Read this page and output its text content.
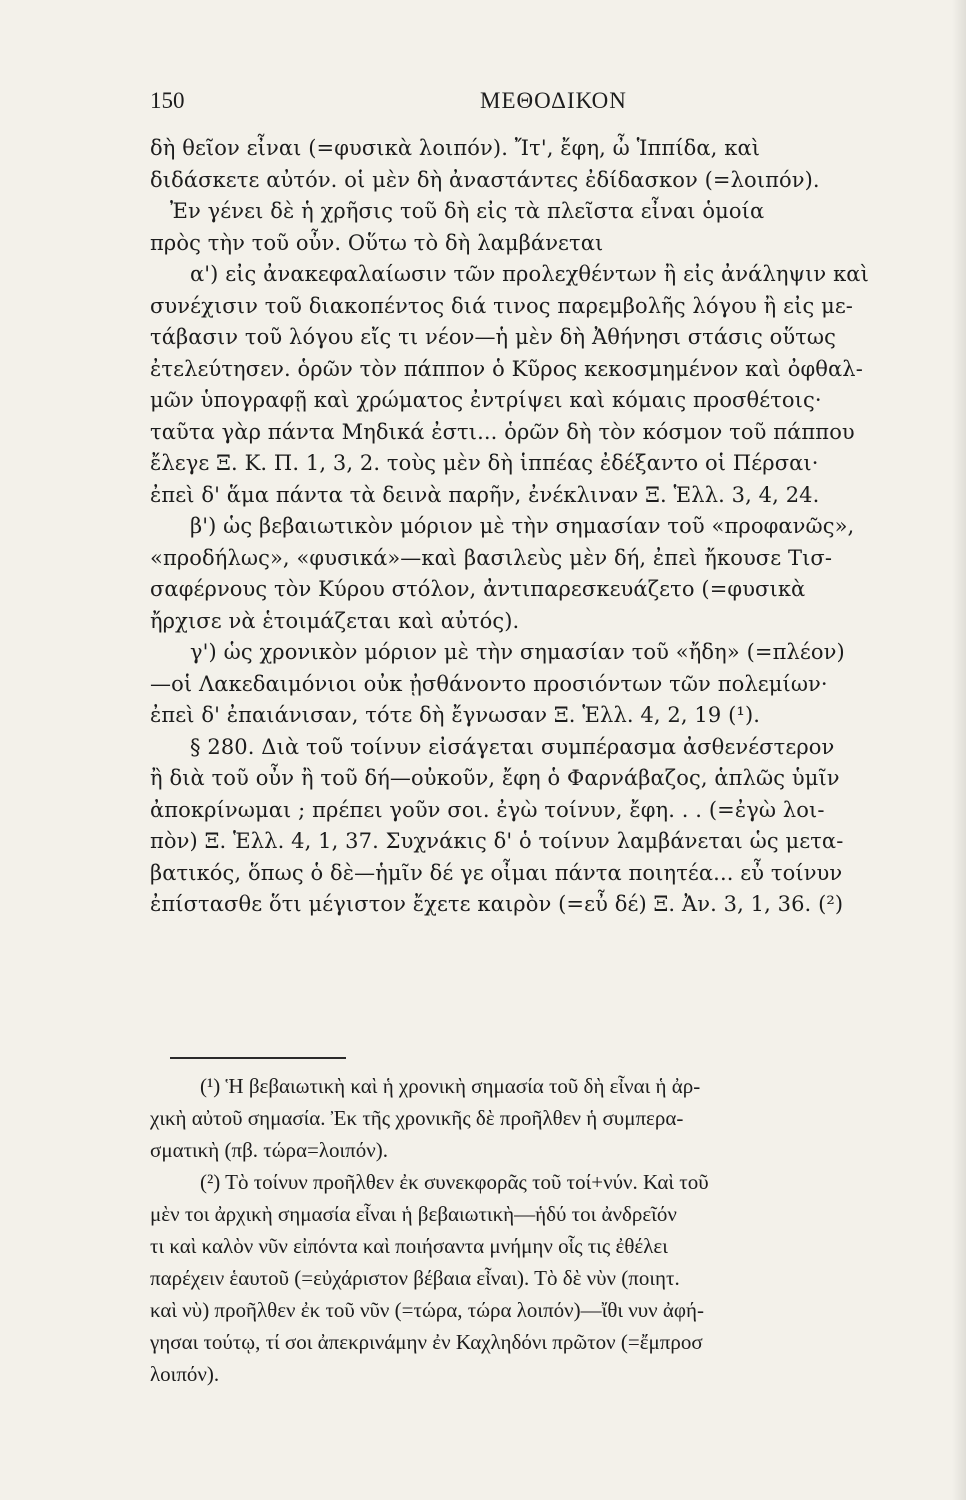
150	ΜΕΘΟΔΙΚΟΝ
δὴ θεῖον εἶναι (=φυσικὰ λοιπόν). Ἴτ', ἔφη, ὦ Ἱππίδα, καὶ
διδάσκετε αὐτόν. οἱ μὲν δὴ ἀναστάντες ἐδίδασκον (=λοιπόν).
Ἐν γένει δὲ ἡ χρῆσις τοῦ δὴ εἰς τὰ πλεῖστα εἶναι ὁμοία
πρὸς τὴν τοῦ οὖν. Οὕτω τὸ δὴ λαμβάνεται
α') εἰς ἀνακεφαλαίωσιν τῶν προλεχθέντων ἢ εἰς ἀνάληψιν καὶ
συνέχισιν τοῦ διακοπέντος διά τινος παρεμβολῆς λόγου ἢ εἰς με-
τάβασιν τοῦ λόγου εἴς τι νέον—ἡ μὲν δὴ Ἀθήνησι στάσις οὕτως
ἐτελεύτησεν. ὁρῶν τὸν πάππον ὁ Κῦρος κεκοσμημένον καὶ ὀφθαλ-
μῶν ὑπογραφῇ καὶ χρώματος ἐντρίψει καὶ κόμαις προσθέτοις·
ταῦτα γὰρ πάντα Μηδικά ἐστι... ὁρῶν δὴ τὸν κόσμον τοῦ πάππου
ἔλεγε Ξ. Κ. Π. 1, 3, 2. τοὺς μὲν δὴ ἱππέας ἐδέξαντο οἱ Πέρσαι·
ἐπεὶ δ' ἅμα πάντα τὰ δεινὰ παρῆν, ἐνέκλιναν Ξ. Ἑλλ. 3, 4, 24.
β') ὡς βεβαιωτικὸν μόριον μὲ τὴν σημασίαν τοῦ «προφανῶς»,
«προδήλως», «φυσικά»—καὶ βασιλεὺς μὲν δή, ἐπεὶ ἤκουσε Τισ-
σαφέρνους τὸν Κύρου στόλον, ἀντιπαρεσκευάζετο (=φυσικὰ
ἤρχισε νὰ ἑτοιμάζεται καὶ αὐτός).
γ') ὡς χρονικὸν μόριον μὲ τὴν σημασίαν τοῦ «ἤδη» (=πλέον)
—οἱ Λακεδαιμόνιοι οὐκ ᾐσθάνοντο προσιόντων τῶν πολεμίων·
ἐπεὶ δ' ἐπαιάνισαν, τότε δὴ ἔγνωσαν Ξ. Ἑλλ. 4, 2, 19 (¹).
§ 280. Διὰ τοῦ τοίνυν εἰσάγεται συμπέρασμα ἀσθενέστερον
ἢ διὰ τοῦ οὖν ἢ τοῦ δή—οὐκοῦν, ἔφη ὁ Φαρνάβαζος, ἁπλῶς ὑμῖν
ἀποκρίνωμαι ; πρέπει γοῦν σοι. ἐγὼ τοίνυν, ἔφη. . . (=ἐγὼ λοι-
πὸν) Ξ. Ἑλλ. 4, 1, 37. Συχνάκις δ' ὁ τοίνυν λαμβάνεται ὡς μετα-
βατικός, ὅπως ὁ δὲ—ἡμῖν δέ γε οἶμαι πάντα ποιητέα... εὖ τοίνυν
ἐπίστασθε ὅτι μέγιστον ἔχετε καιρὸν (=εὖ δέ) Ξ. Ἀν. 3, 1, 36. (²)
(¹) Ἡ βεβαιωτικὴ καὶ ἡ χρονικὴ σημασία τοῦ δὴ εἶναι ἡ ἀρ-
χικὴ αὐτοῦ σημασία. Ἐκ τῆς χρονικῆς δὲ προῆλθεν ἡ συμπερα-
σματικὴ (πβ. τώρα=λοιπόν).
(²) Τὸ τοίνυν προῆλθεν ἐκ συνεκφορᾶς τοῦ τοί+νύν. Καὶ τοῦ
μὲν τοι ἀρχικὴ σημασία εἶναι ἡ βεβαιωτικὴ—ἡδύ τοι ἀνδρεῖόν
τι καὶ καλὸν νῦν εἰπόντα καὶ ποιήσαντα μνήμην οἷς τις ἐθέλει
παρέχειν ἑαυτοῦ (=εὐχάριστον βέβαια εἶναι). Τὸ δὲ νὺν (ποιητ.
καὶ νὺ) προῆλθεν ἐκ τοῦ νῦν (=τώρα, τώρα λοιπόν)—ἴθι νυν ἀφή-
γησαι τούτῳ, τί σοι ἀπεκρινάμην ἐν Καχληδόνι πρῶτον (=ἔμπροσ
λοιπόν).
